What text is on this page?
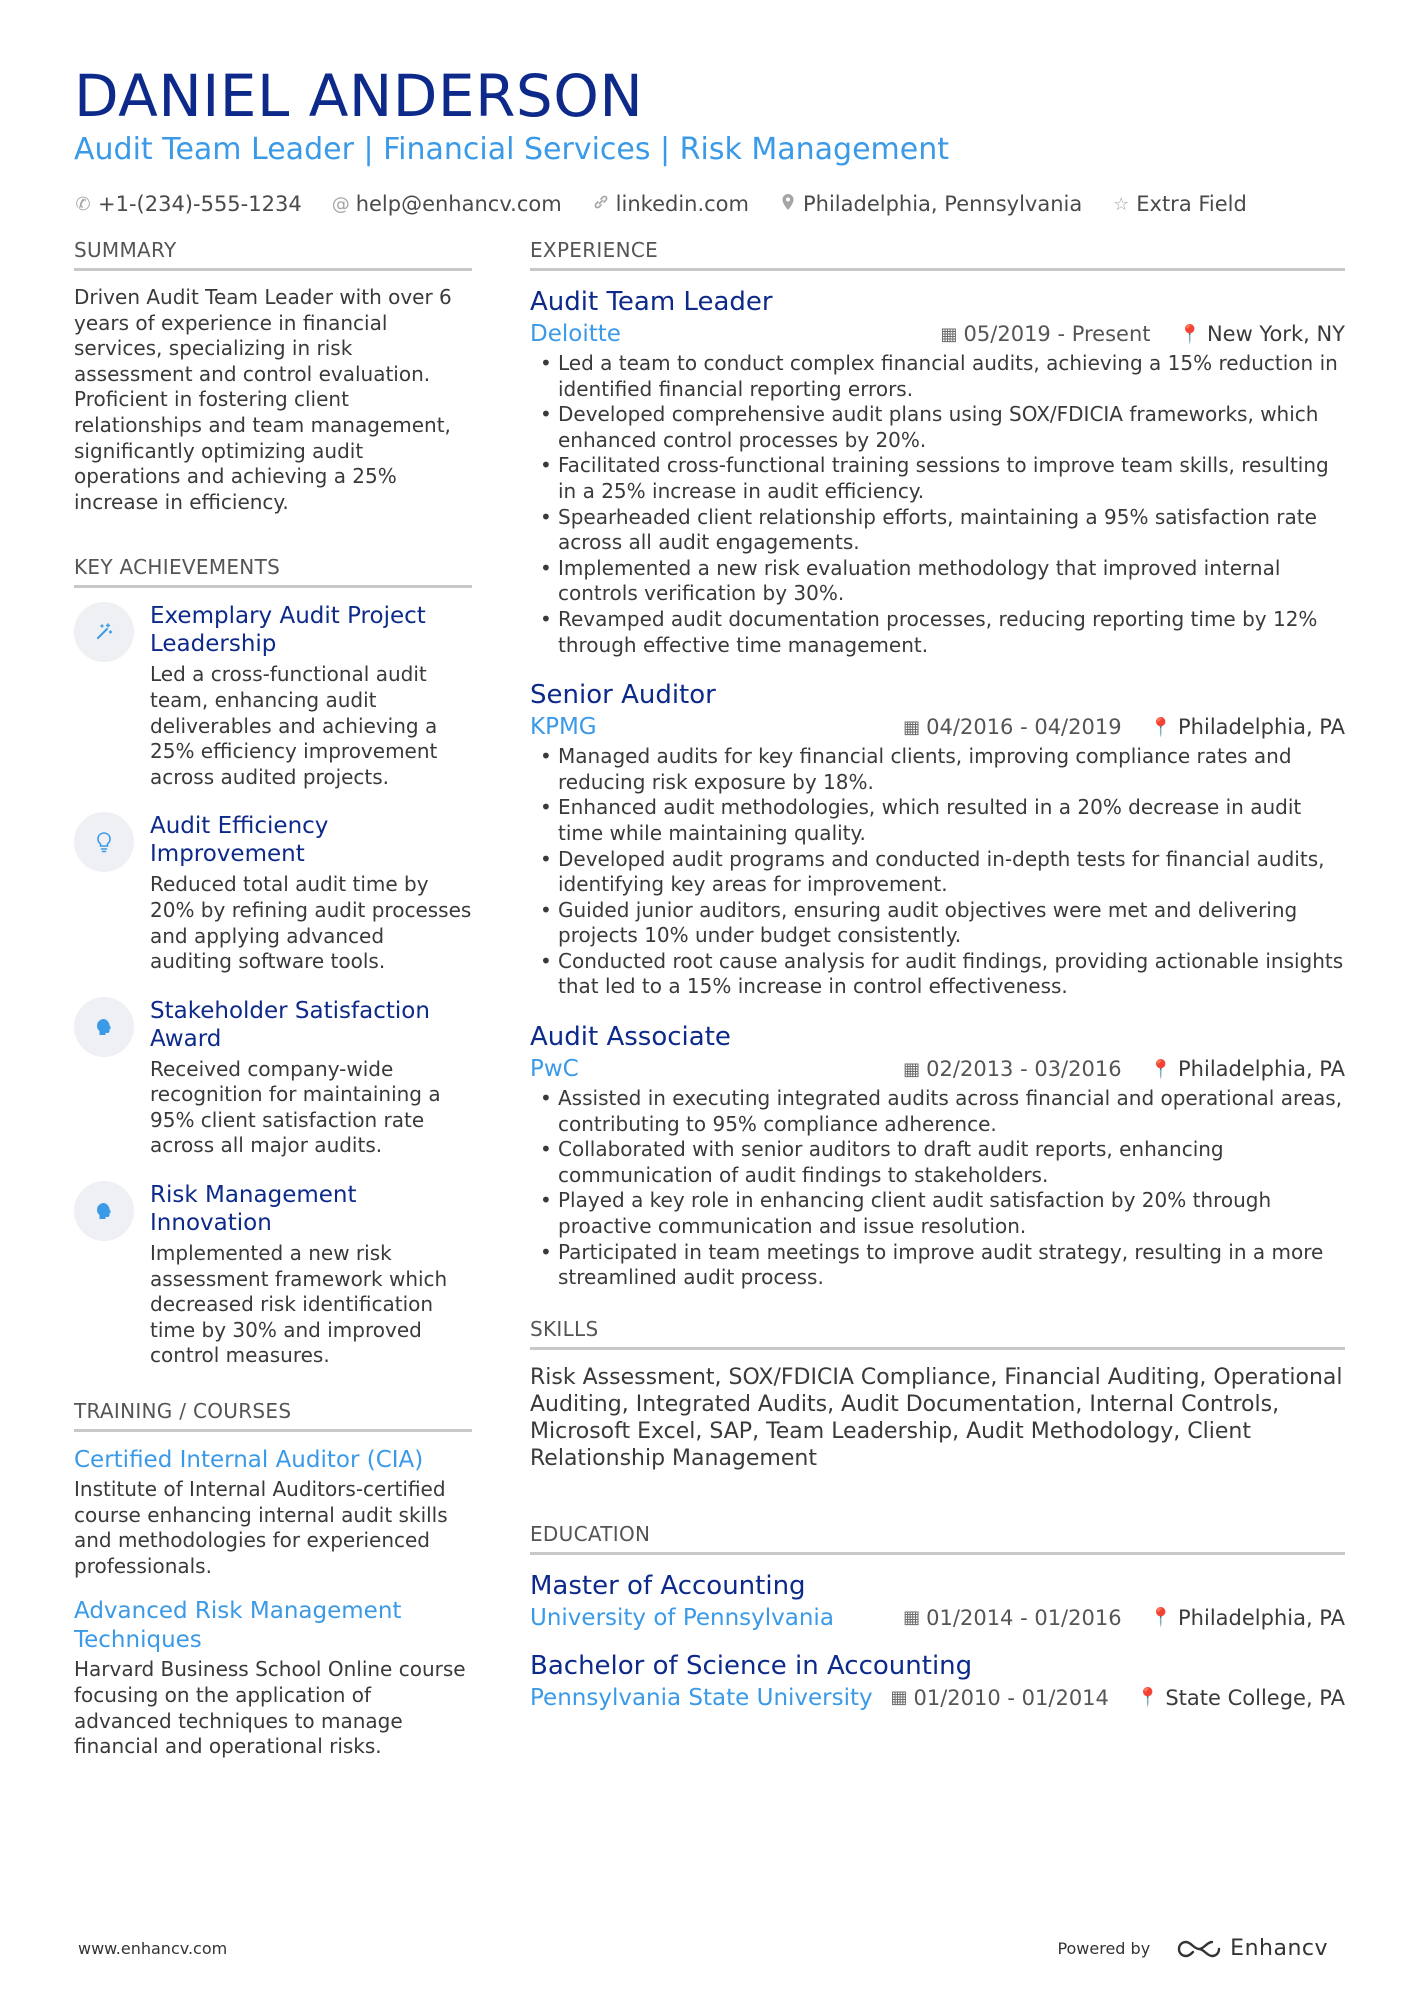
DANIEL ANDERSON
Audit Team Leader | Financial Services | Risk Management
✆ +1-(234)-555-1234 @ help@enhancv.com	linkedin.com	Philadelphia, Pennsylvania ☆ Extra Field
SUMMARY

Driven Audit Team Leader with over 6 years of experience in financial services, specializing in risk assessment and control evaluation. Proficient in fostering client relationships and team management, significantly optimizing audit operations and achieving a 25% increase in efficiency.

KEY ACHIEVEMENTS
Exemplary Audit Project Leadership
Led a cross-functional audit team, enhancing audit deliverables and achieving a 25% efficiency improvement across audited projects.
Audit Efficiency Improvement
Reduced total audit time by 20% by refining audit processes and applying advanced auditing software tools.
Stakeholder Satisfaction Award
Received company-wide recognition for maintaining a 95% client satisfaction rate across all major audits.
Risk Management Innovation
Implemented a new risk assessment framework which decreased risk identification time by 30% and improved control measures.
TRAINING / COURSES
Certified Internal Auditor (CIA)
Institute of Internal Auditors-certified course enhancing internal audit skills and methodologies for experienced professionals.
Advanced Risk Management Techniques
Harvard Business School Online course focusing on the application of advanced techniques to manage financial and operational risks.
EXPERIENCE
Audit Team Leader
Deloitte	▦ 05/2019 - Present 📍 New York, NY
• Led a team to conduct complex financial audits, achieving a 15% reduction in identified financial reporting errors.
• Developed comprehensive audit plans using SOX/FDICIA frameworks, which enhanced control processes by 20%.
• Facilitated cross-functional training sessions to improve team skills, resulting in a 25% increase in audit efficiency.
• Spearheaded client relationship efforts, maintaining a 95% satisfaction rate across all audit engagements.
• Implemented a new risk evaluation methodology that improved internal controls verification by 30%.
• Revamped audit documentation processes, reducing reporting time by 12% through effective time management.
Senior Auditor
KPMG	▦ 04/2016 - 04/2019 📍 Philadelphia, PA
• Managed audits for key financial clients, improving compliance rates and reducing risk exposure by 18%.
• Enhanced audit methodologies, which resulted in a 20% decrease in audit time while maintaining quality.
• Developed audit programs and conducted in-depth tests for financial audits, identifying key areas for improvement.
• Guided junior auditors, ensuring audit objectives were met and delivering projects 10% under budget consistently.
• Conducted root cause analysis for audit findings, providing actionable insights that led to a 15% increase in control effectiveness.
Audit Associate
PwC	▦ 02/2013 - 03/2016 📍 Philadelphia, PA
• Assisted in executing integrated audits across financial and operational areas, contributing to 95% compliance adherence.
• Collaborated with senior auditors to draft audit reports, enhancing communication of audit findings to stakeholders.
• Played a key role in enhancing client audit satisfaction by 20% through proactive communication and issue resolution.
• Participated in team meetings to improve audit strategy, resulting in a more streamlined audit process.
SKILLS

Risk Assessment, SOX/FDICIA Compliance, Financial Auditing, Operational Auditing, Integrated Audits, Audit Documentation, Internal Controls, Microsoft Excel, SAP, Team Leadership, Audit Methodology, Client Relationship Management

EDUCATION
Master of Accounting
University of Pennsylvania	▦ 01/2014 - 01/2016 📍 Philadelphia, PA
Bachelor of Science in Accounting
Pennsylvania State University ▦ 01/2010 - 01/2014 📍 State College, PA
www.enhancv.com	Powered by	Enhancv
